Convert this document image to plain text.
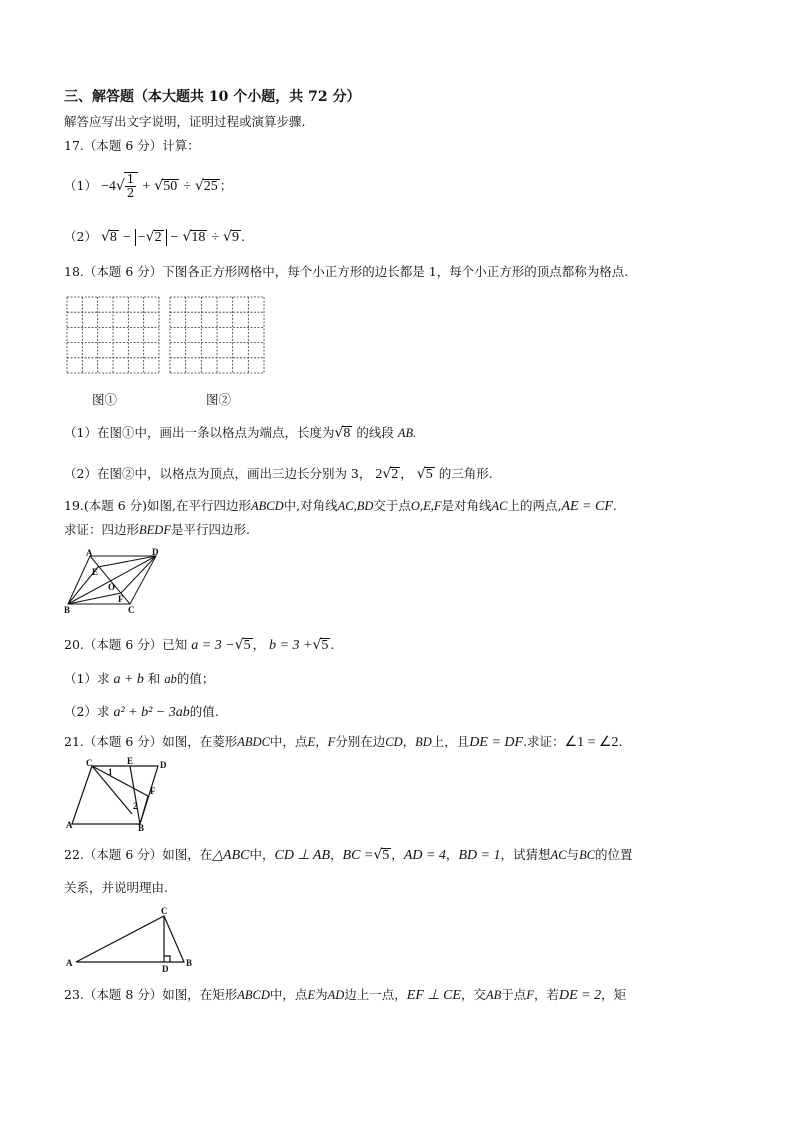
三、解答题（本大题共 10 个小题，共 72 分）
解答应写出文字说明，证明过程或演算步骤.
17.（本题 6 分）计算：
$(1) -4√ \frac{1}{2} + √50 \div √25$ ；
（2） √8 − −√2 − √18 ÷ √9 .
18.（本题 6 分）下图各正方形网格中，每个小正方形的边长都是 1，每个小正方形的顶点都称为格点.
图①	图②
（1）在图①中，画出一条以格点为端点，长度为√8 的线段 AB.
（2）在图②中，以格点为顶点，画出三边长分别为 3， 2√2 ， √5 的三角形.
19.(本题 6 分)如图,在平行四边形ABCD中,对角线AC,BD交于点O,E,F是对角线AC上的两点,AE = CF.
求证：四边形BEDF是平行四边形.
A	D
E
O
F
B	C
20.（本题 6 分）已知 a = 3 −√5 ， b = 3 +√5 .
（1）求 a + b 和 ab的值；
（2）求 a² + b² − 3ab的值.
21.（本题 6 分）如图，在菱形ABDC中，点E，F分别在边CD，BD上，且DE = DF.求证：∠1 = ∠2.
C	E	D
1
F
2
A	B
22.（本题 6 分）如图，在△ABC中，CD ⊥ AB，BC =√5 ，AD = 4，BD = 1，试猜想AC与BC的位置
关系，并说明理由.
C
A
D
B
23.（本题 8 分）如图，在矩形ABCD中，点E为AD边上一点，EF ⊥ CE，交AB于点F，若DE = 2，矩
